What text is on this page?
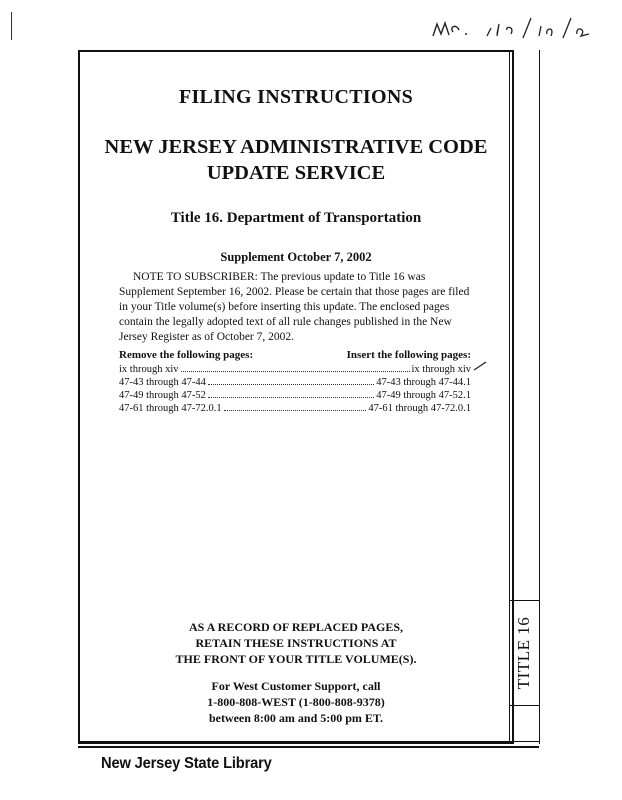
TITLE 16
FILING INSTRUCTIONS
NEW JERSEY ADMINISTRATIVE CODE
UPDATE SERVICE
Title 16. Department of Transportation
Supplement October 7, 2002
NOTE TO SUBSCRIBER: The previous update to Title 16 was
Supplement September 16, 2002. Please be certain that those pages are filed
in your Title volume(s) before inserting this update. The enclosed pages
contain the legally adopted text of all rule changes published in the New
Jersey Register as of October 7, 2002.
Remove the following pages:	Insert the following pages:
ix through xiv	ix through xiv
47-43 through 47-44	47-43 through 47-44.1
47-49 through 47-52	47-49 through 47-52.1
47-61 through 47-72.0.1	47-61 through 47-72.0.1
AS A RECORD OF REPLACED PAGES,
RETAIN THESE INSTRUCTIONS AT
THE FRONT OF YOUR TITLE VOLUME(S).
For West Customer Support, call
1-800-808-WEST (1-800-808-9378)
between 8:00 am and 5:00 pm ET.
New Jersey State Library
